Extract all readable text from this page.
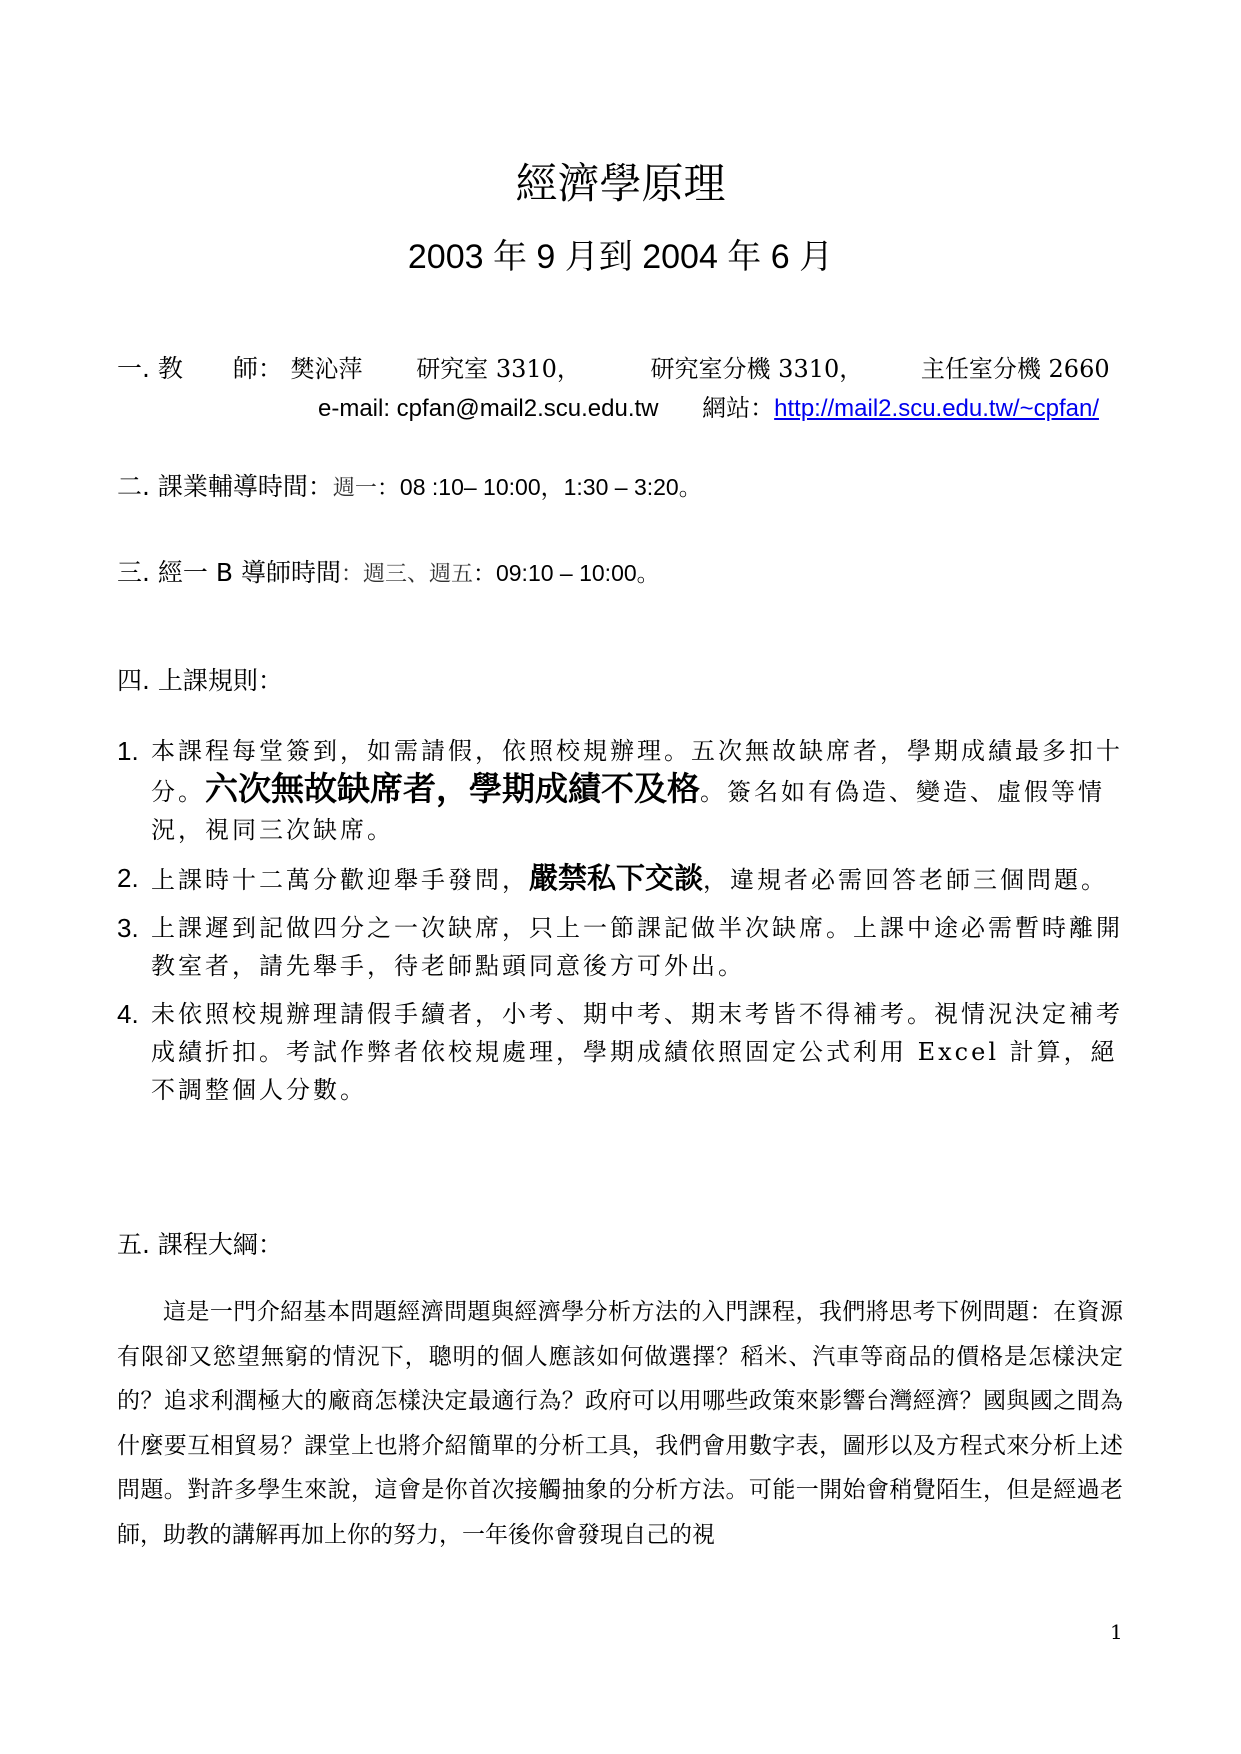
經濟學原理
2003 年 9 月到 2004 年 6 月
一. 教　　師： 樊沁萍 研究室 3310，	研究室分機 3310， 主任室分機 2660
e-mail: cpfan@mail2.scu.edu.tw 網站：http://mail2.scu.edu.tw/~cpfan/
二. 課業輔導時間：週一：08 :10– 10:00，1:30 – 3:20。
三. 經一 B 導師時間：週三、週五：09:10 – 10:00。
四. 上課規則：
1. 本課程每堂簽到，如需請假，依照校規辦理。五次無故缺席者，學期成績最多扣十分。六次無故缺席者，學期成績不及格。簽名如有偽造、變造、虛假等情況，視同三次缺席。
2. 上課時十二萬分歡迎舉手發問，嚴禁私下交談，違規者必需回答老師三個問題。
3. 上課遲到記做四分之一次缺席，只上一節課記做半次缺席。上課中途必需暫時離開教室者，請先舉手，待老師點頭同意後方可外出。
4. 未依照校規辦理請假手續者，小考、期中考、期末考皆不得補考。視情況決定補考成績折扣。考試作弊者依校規處理，學期成績依照固定公式利用 Excel 計算，絕不調整個人分數。
五. 課程大綱：
這是一門介紹基本問題經濟問題與經濟學分析方法的入門課程，我們將思考下例問題：在資源有限卻又慾望無窮的情況下，聰明的個人應該如何做選擇？稻米、汽車等商品的價格是怎樣決定的？追求利潤極大的廠商怎樣決定最適行為？政府可以用哪些政策來影響台灣經濟？國與國之間為什麼要互相貿易？課堂上也將介紹簡單的分析工具，我們會用數字表，圖形以及方程式來分析上述問題。對許多學生來說，這會是你首次接觸抽象的分析方法。可能一開始會稍覺陌生，但是經過老師，助教的講解再加上你的努力，一年後你會發現自己的視
1
